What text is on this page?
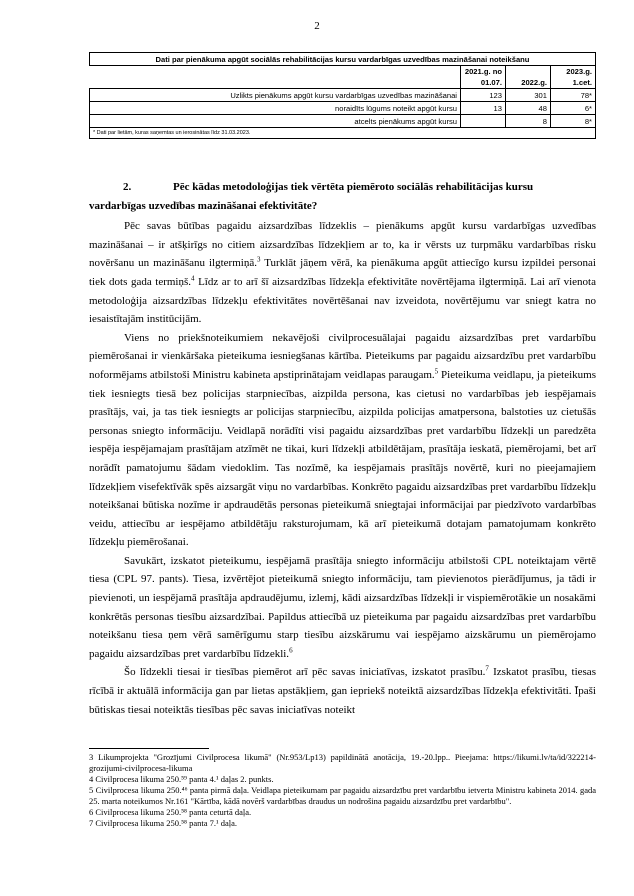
2
Dati par pienākuma apgūt sociālās rehabilitācijas kursu vardarbīgas uzvedības mazināšanai noteikšanu			
	2021.g. no 01.07.	2022.g.	2023.g. 1.cet.
Uzlikts pienākums apgūt kursu vardarbīgas uzvedības mazināšanai	123	301	78*
noraidīts lūgums noteikt apgūt kursu	13	48	6*
atcelts pienākums apgūt kursu		8	8*
* Dati par lietām, kuras saņemtas un ierosinātas līdz 31.03.2023.			

2.	Pēc kādas metodoloģijas tiek vērtēta piemēroto sociālās rehabilitācijas kursu
vardarbīgas uzvedības mazināšanai efektivitāte?

Pēc savas būtības pagaidu aizsardzības līdzeklis – pienākums apgūt kursu vardarbīgas uzvedības mazināšanai – ir atšķirīgs no citiem aizsardzības līdzekļiem ar to, ka ir vērsts uz turpmāku vardarbības risku novēršanu un mazināšanu ilgtermiņā.$^3$ Turklāt jāņem vērā, ka pienākuma apgūt attiecīgo kursu izpildei personai tiek dots gada termiņš.$^4$ Līdz ar to arī šī aizsardzības līdzekļa efektivitāte novērtējama ilgtermiņā. Lai arī vienota metodoloģija aizsardzības līdzekļu efektivitātes novērtēšanai nav izveidota, novērtējumu var sniegt katra no iesaistītajām institūcijām.

Viens no priekšnoteikumiem nekavējoši civilprocesuālajai pagaidu aizsardzības pret vardarbību piemērošanai ir vienkāršaka pieteikuma iesniegšanas kārtība. Pieteikums par pagaidu aizsardzību pret vardarbību noformējams atbilstoši Ministru kabineta apstiprinātajam veidlapas paraugam.$^5$ Pieteikuma veidlapu, ja pieteikums tiek iesniegts tiesā bez policijas starpniecības, aizpilda persona, kas cietusi no vardarbības jeb iespējamais prasītājs, vai, ja tas tiek iesniegts ar policijas starpniecību, aizpilda policijas amatpersona, balstoties uz cietušās personas sniegto informāciju. Veidlapā norādīti visi pagaidu aizsardzības pret vardarbību līdzekļi un paredzēta iespēja iespējamajam prasītājam atzīmēt ne tikai, kuri līdzekļi atbildētājam, prasītāja ieskatā, piemērojami, bet arī norādīt pamatojumu šādam viedoklim. Tas nozīmē, ka iespējamais prasītājs novērtē, kuri no pieejamajiem līdzekļiem visefektīvāk spēs aizsargāt viņu no vardarbības. Konkrēto pagaidu aizsardzības pret vardarbību līdzekļu noteikšanai būtiska nozīme ir apdraudētās personas pieteikumā sniegtajai informācijai par piedzīvoto vardarbības veidu, attiecību ar iespējamo atbildētāju raksturojumam, kā arī pieteikumā dotajam pamatojumam konkrēto līdzekļu piemērošanai.

Savukārt, izskatot pieteikumu, iespējamā prasītāja sniegto informāciju atbilstoši CPL noteiktajam vērtē tiesa (CPL 97. pants). Tiesa, izvērtējot pieteikumā sniegto informāciju, tam pievienotos pierādījumus, ja tādi ir pievienoti, un iespējamā prasītāja apdraudējumu, izlemj, kādi aizsardzības līdzekļi ir vispiemērotākie un nosakāmi konkrētās personas tiesību aizsardzībai. Papildus attiecībā uz pieteikuma par pagaidu aizsardzības pret vardarbību noteikšanu tiesa ņem vērā samērīgumu starp tiesību aizskārumu vai iespējamo aizskārumu un piemērojamo pagaidu aizsardzības pret vardarbību līdzekli.$^6$

Šo līdzekli tiesai ir tiesības piemērot arī pēc savas iniciatīvas, izskatot prasību.$^7$ Izskatot prasību, tiesas rīcībā ir aktuālā informācija gan par lietas apstākļiem, gan iepriekš noteiktā aizsardzības līdzekļa efektivitāti. Īpaši būtiskas tiesai noteiktās tiesības pēc savas iniciatīvas noteikt

3 Likumprojekta "Grozījumi Civilprocesa likumā" (Nr.953/Lp13) papildinātā anotācija, 19.-20.lpp.. Pieejama: https://likumi.lv/ta/id/322214-grozijumi-civilprocesa-likuma
4 Civilprocesa likuma 250.⁵⁹ panta 4.¹ daļas 2. punkts.
5 Civilprocesa likuma 250.⁴⁶ panta pirmā daļa. Veidlapa pieteikumam par pagaidu aizsardzību pret vardarbību ietverta Ministru kabineta 2014. gada 25. marta noteikumos Nr.161 "Kārtība, kādā novērš vardarbības draudus un nodrošina pagaidu aizsardzību pret vardarbību".
6 Civilprocesa likuma 250.⁵⁸ panta ceturtā daļa.
7 Civilprocesa likuma 250.⁵⁸ panta 7.¹ daļa.
